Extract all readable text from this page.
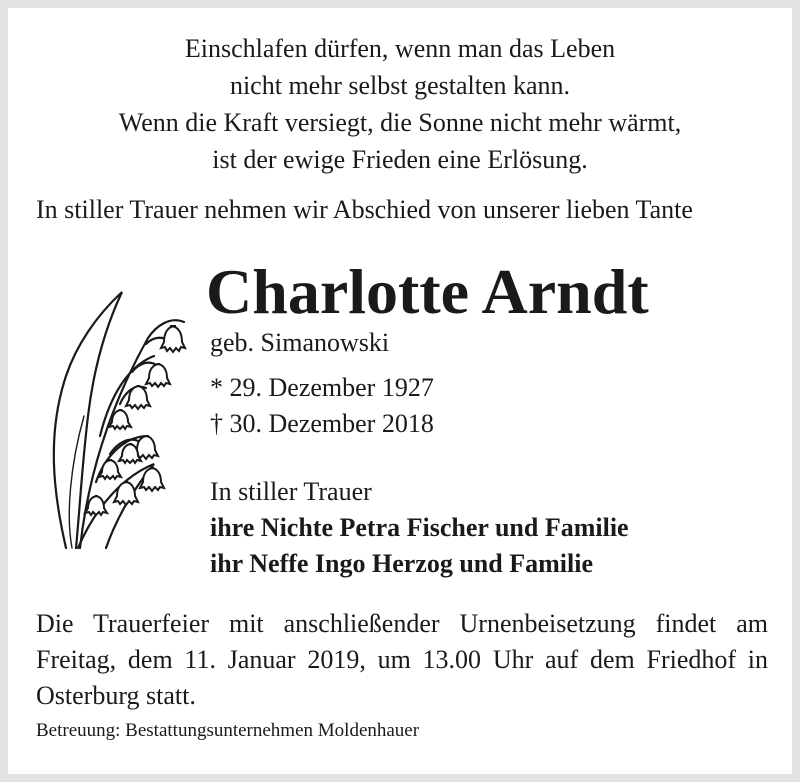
Einschlafen dürfen, wenn man das Leben
nicht mehr selbst gestalten kann.
Wenn die Kraft versiegt, die Sonne nicht mehr wärmt,
ist der ewige Frieden eine Erlösung.
In stiller Trauer nehmen wir Abschied von unserer lieben Tante
Charlotte Arndt
geb. Simanowski
* 29. Dezember 1927
† 30. Dezember 2018
In stiller Trauer
ihre Nichte Petra Fischer und Familie
ihr Neffe Ingo Herzog und Familie
Die Trauerfeier mit anschließender Urnenbeisetzung findet am Freitag, dem 11. Januar 2019, um 13.00 Uhr auf dem Friedhof in Osterburg statt.
Betreuung: Bestattungsunternehmen Moldenhauer
